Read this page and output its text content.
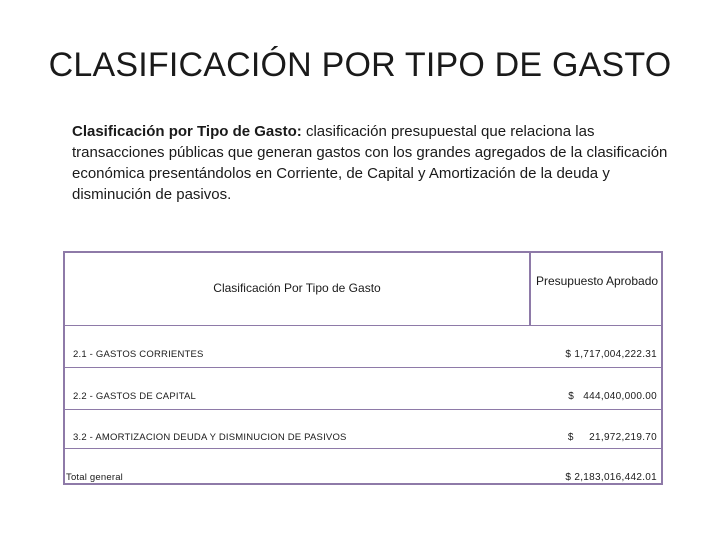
CLASIFICACIÓN POR TIPO DE GASTO
Clasificación por Tipo de Gasto: clasificación presupuestal que relaciona las transacciones públicas que generan gastos con los grandes agregados de la clasificación económica presentándolos en Corriente, de Capital y Amortización de la deuda y disminución de pasivos.
Clasificación Por Tipo de Gasto	Presupuesto Aprobado
2.1 - GASTOS CORRIENTES	$ 1,717,004,222.31
2.2 - GASTOS DE CAPITAL	$   444,040,000.00
3.2 - AMORTIZACION DEUDA Y DISMINUCION DE PASIVOS	$     21,972,219.70
Total general	$ 2,183,016,442.01
